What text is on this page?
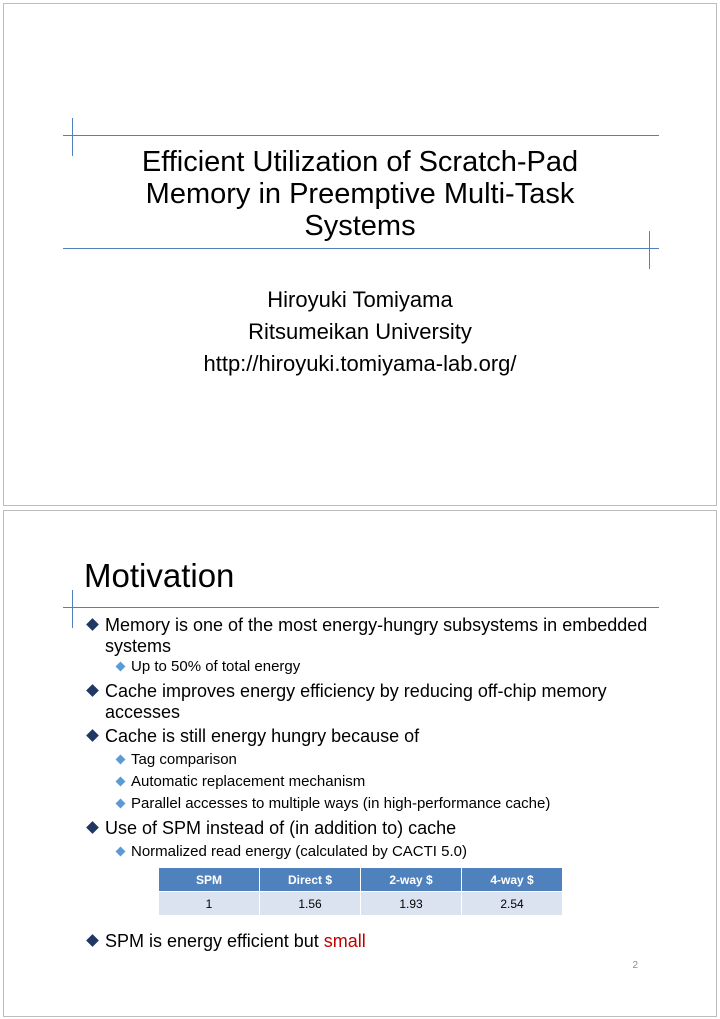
Efficient Utilization of Scratch-Pad
Memory in Preemptive Multi-Task
Systems
Hiroyuki Tomiyama
Ritsumeikan University
http://hiroyuki.tomiyama-lab.org/
Motivation
Memory is one of the most energy-hungry subsystems in embedded systems
Up to 50% of total energy
Cache improves energy efficiency by reducing off-chip memory accesses
Cache is still energy hungry because of
Tag comparison
Automatic replacement mechanism
Parallel accesses to multiple ways (in high-performance cache)
Use of SPM instead of (in addition to) cache
Normalized read energy (calculated by CACTI 5.0)
SPM	Direct $	2-way $	4-way $
1	1.56	1.93	2.54
SPM is energy efficient but small
2
